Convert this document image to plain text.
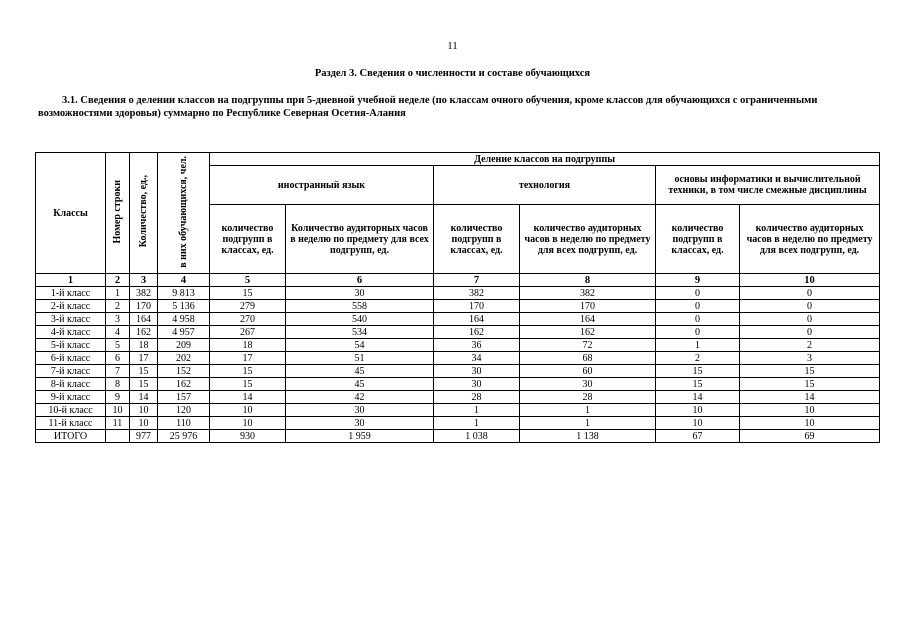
11
Раздел 3. Сведения о численности и составе обучающихся
3.1. Сведения о делении классов на подгруппы при 5-дневной учебной неделе (по классам очного обучения, кроме классов для обучающихся с ограниченными возможностями здоровья) суммарно по Республике Северная Осетия-Алания
Классы	Номер строки	Количество, ед.,	в них обучающихся, чел.	Деление классов на подгруппы					
				иностранный язык		технология		основы информатики и вычислительной техники, в том числе смежные дисциплины	
				количество подгрупп в классах, ед.	Количество аудиторных часов в неделю по предмету для всех подгрупп, ед.	количество подгрупп в классах, ед.	количество аудиторных часов в неделю по предмету для всех подгрупп, ед.	количество подгрупп в классах, ед.	количество аудиторных часов в неделю по предмету для всех подгрупп, ед.
1	2	3	4	5	6	7	8	9	10
1-й класс	1	382	9 813	15	30	382	382	0	0
2-й класс	2	170	5 136	279	558	170	170	0	0
3-й класс	3	164	4 958	270	540	164	164	0	0
4-й класс	4	162	4 957	267	534	162	162	0	0
5-й класс	5	18	209	18	54	36	72	1	2
6-й класс	6	17	202	17	51	34	68	2	3
7-й класс	7	15	152	15	45	30	60	15	15
8-й класс	8	15	162	15	45	30	30	15	15
9-й класс	9	14	157	14	42	28	28	14	14
10-й класс	10	10	120	10	30	1	1	10	10
11-й класс	11	10	110	10	30	1	1	10	10
ИТОГО		977	25 976	930	1 959	1 038	1 138	67	69
